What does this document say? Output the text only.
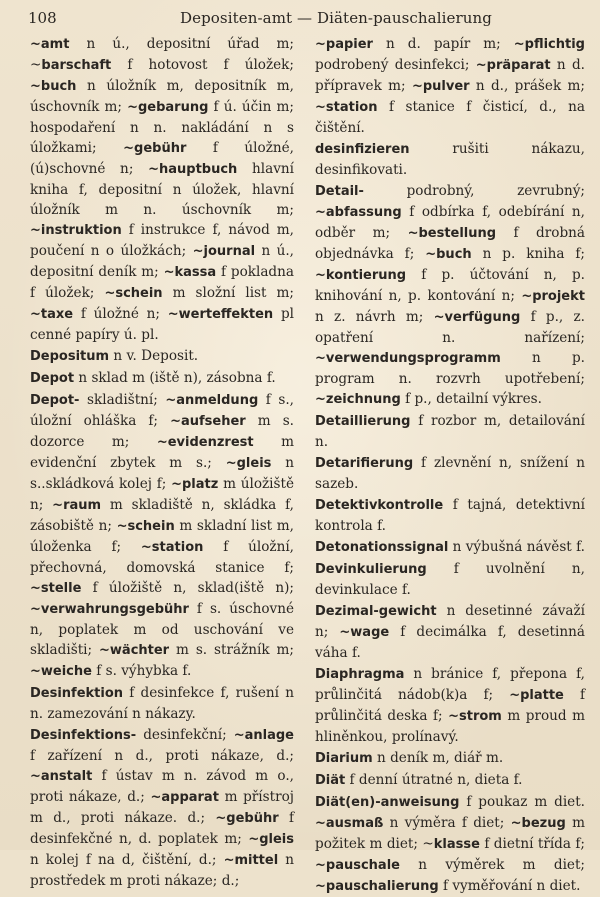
108	Depositen-amt — Diäten-pauschalierung

~amt n ú., depositní úřad m; ~barschaft f hotovost f úložek; ~buch n úložník m, depositník m, úschovník m; ~gebarung f ú. účin m; hospodaření n n. nakládání n s úložkami; ~gebühr f úložné, (ú)schovné n; ~hauptbuch hlavní kniha f, depositní n úložek, hlavní úložník m n. úschovník m; ~instruktion f instrukce f, návod m, poučení n o úložkách; ~journal n ú., depositní deník m; ~kassa f pokladna f úložek; ~schein m složní list m; ~taxe f úložné n; ~werteffekten pl cenné papíry ú. pl.

Depositum n v. Deposit.

Depot n sklad m (iště n), zásobna f.

Depot- skladištní; ~anmeldung f s., úložní ohláška f; ~aufseher m s. dozorce m; ~evidenzrest m evidenční zbytek m s.; ~gleis n s..skládková kolej f; ~platz m úložiště n; ~raum m skladiště n, skládka f, zásobiště n; ~schein m skladní list m, úloženka f; ~station f úložní, přechovná, domovská stanice f; ~stelle f úložiště n, sklad(iště n); ~verwahrungsgebühr f s. úschovné n, poplatek m od uschování ve skladišti; ~wächter m s. strážník m; ~weiche f s. výhybka f.

Desinfektion f desinfekce f, rušení n n. zamezování n nákazy.

Desinfektions- desinfekční; ~anlage f zařízení n d., proti nákaze, d.; ~anstalt f ústav m n. závod m o., proti nákaze, d.; ~apparat m přístroj m d., proti nákaze. d.; ~gebühr f desinfekčné n, d. poplatek m; ~gleis n kolej f na d, čištění, d.; ~mittel n prostředek m proti nákaze; d.;

~papier n d. papír m; ~pflichtig podrobený desinfekci; ~präparat n d. přípravek m; ~pulver n d., prášek m; ~station f stanice f čisticí, d., na čištění.

desinfizieren rušiti nákazu, desinfikovati.

Detail- podrobný, zevrubný; ~abfassung f odbírka f, odebírání n, odběr m; ~bestellung f drobná objednávka f; ~buch n p. kniha f; ~kontierung f p. účtování n, p. knihování n, p. kontování n; ~projekt n z. návrh m; ~verfügung f p., z. opatření n. nařízení; ~verwendungsprogramm n p. program n. rozvrh upotřebení; ~zeichnung f p., detailní výkres.

Detaillierung f rozbor m, detailování n.

Detarifierung f zlevnění n, snížení n sazeb.

Detektivkontrolle f tajná, detektivní kontrola f.

Detonationssignal n výbušná návěst f.

Devinkulierung f uvolnění n, devinkulace f.

Dezimal-gewicht n desetinné závaží n; ~wage f decimálka f, desetinná váha f.

Diaphragma n bránice f, přepona f, průlinčitá nádob(k)a f; ~platte f průlinčitá deska f; ~strom m proud m hliněnkou, prolínavý.

Diarium n deník m, diář m.

Diät f denní útratné n, dieta f.

Diät(en)-anweisung f poukaz m diet. ~ausmaß n výměra f diet; ~bezug m požitek m diet; ~klasse f dietní třída f; ~pauschale n výměrek m diet; ~pauschalierung f vyměřování n diet.
